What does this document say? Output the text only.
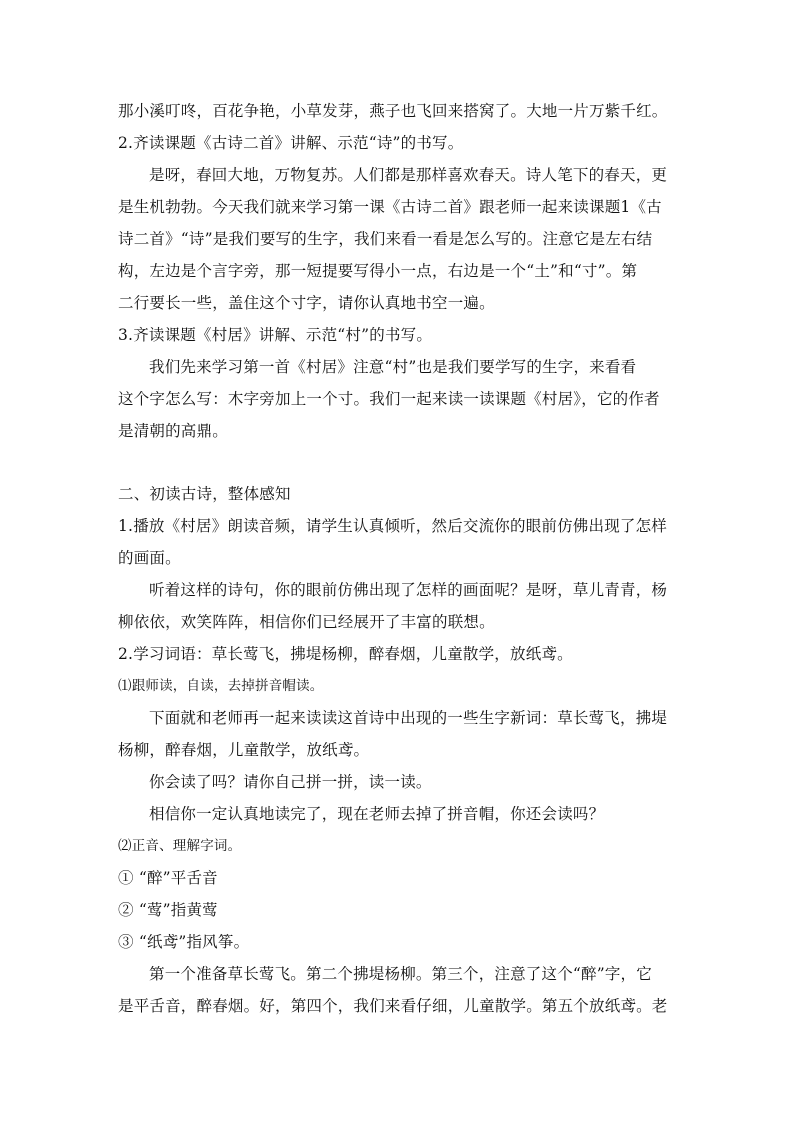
那小溪叮咚，百花争艳，小草发芽，燕子也飞回来搭窝了。大地一片万紫千红。
2.齐读课题《古诗二首》讲解、示范“诗”的书写。
是呀，春回大地，万物复苏。人们都是那样喜欢春天。诗人笔下的春天，更
是生机勃勃。今天我们就来学习第一课《古诗二首》跟老师一起来读课题1《古
诗二首》“诗”是我们要写的生字，我们来看一看是怎么写的。注意它是左右结
构，左边是个言字旁，那一短提要写得小一点，右边是一个“土”和“寸”。第
二行要长一些，盖住这个寸字，请你认真地书空一遍。
3.齐读课题《村居》讲解、示范“村”的书写。
我们先来学习第一首《村居》注意“村”也是我们要学写的生字，来看看
这个字怎么写：木字旁加上一个寸。我们一起来读一读课题《村居》，它的作者
是清朝的高鼎。
二、初读古诗，整体感知
1.播放《村居》朗读音频，请学生认真倾听，然后交流你的眼前仿佛出现了怎样
的画面。
听着这样的诗句，你的眼前仿佛出现了怎样的画面呢？是呀，草儿青青，杨
柳依依，欢笑阵阵，相信你们已经展开了丰富的联想。
2.学习词语：草长莺飞，拂堤杨柳，醉春烟，儿童散学，放纸鸢。
⑴跟师读，自读，去掉拼音帽读。
下面就和老师再一起来读读这首诗中出现的一些生字新词：草长莺飞，拂堤
杨柳，醉春烟，儿童散学，放纸鸢。
你会读了吗？请你自己拼一拼，读一读。
相信你一定认真地读完了，现在老师去掉了拼音帽，你还会读吗？
⑵正音、理解字词。
① “醉”平舌音
② “莺”指黄莺
③ “纸鸢”指风筝。
第一个准备草长莺飞。第二个拂堤杨柳。第三个，注意了这个“醉”字，它
是平舌音，醉春烟。好，第四个，我们来看仔细，儿童散学。第五个放纸鸢。老
